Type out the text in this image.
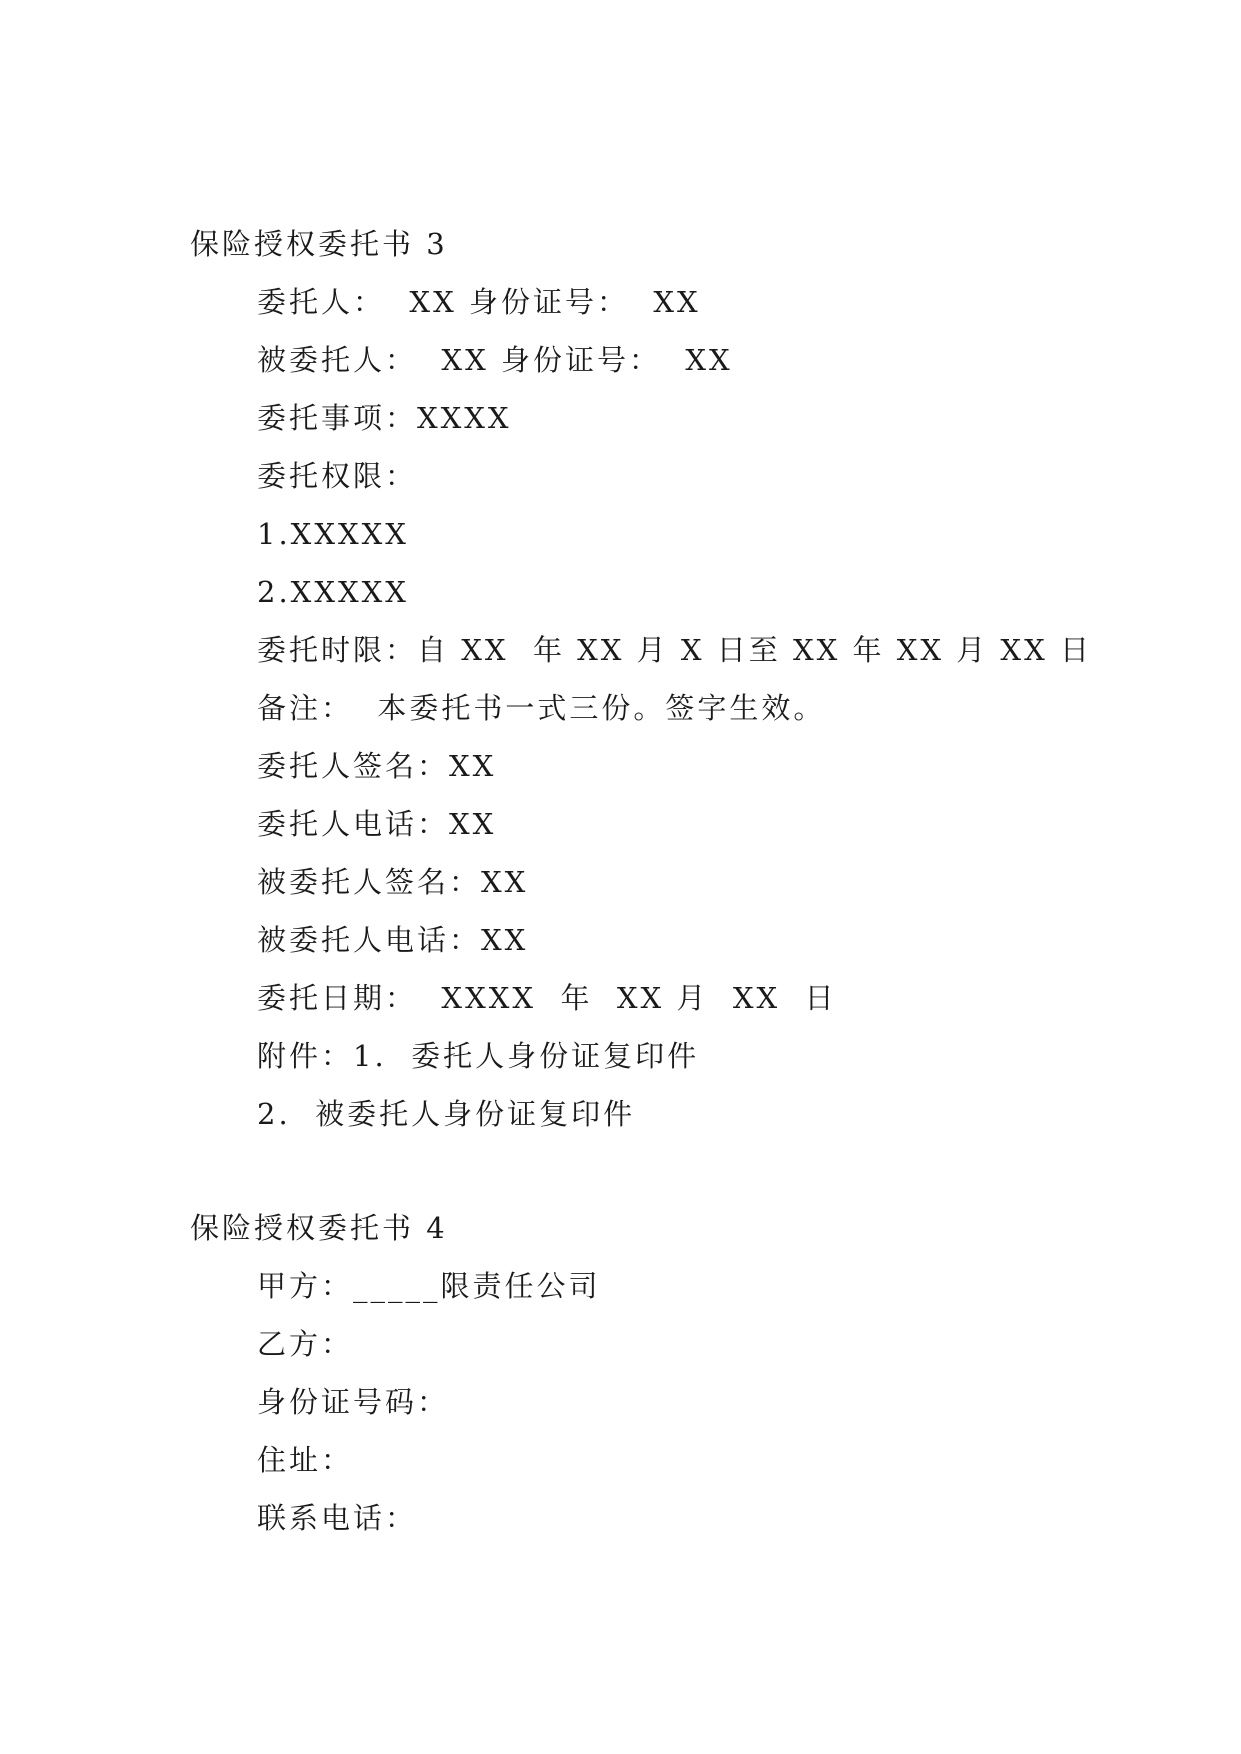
保险授权委托书 3
委托人：  XX 身份证号：  XX
被委托人：  XX 身份证号：  XX
委托事项：XXXX
委托权限：
1.XXXXX
2.XXXXX
委托时限：自 XX  年 XX 月 X 日至 XX 年 XX 月 XX 日
备注：  本委托书一式三份。签字生效。
委托人签名：XX
委托人电话：XX
被委托人签名：XX
被委托人电话：XX
委托日期：  XXXX  年  XX 月  XX  日
附件：1.  委托人身份证复印件
2.  被委托人身份证复印件
保险授权委托书 4
甲方：_____限责任公司
乙方：
身份证号码：
住址：
联系电话：
